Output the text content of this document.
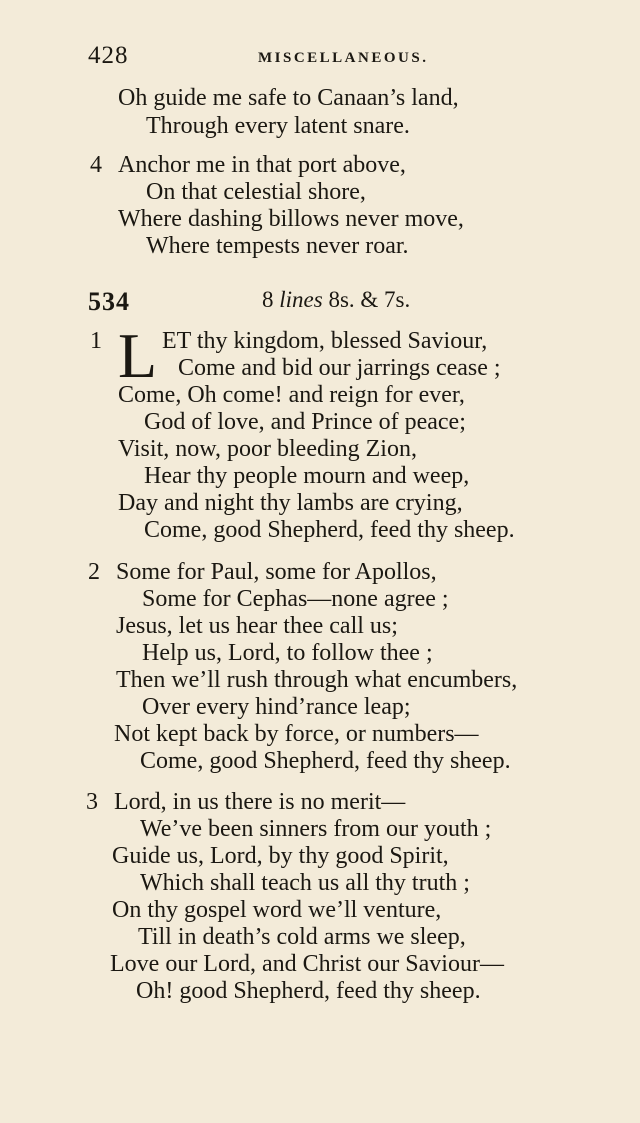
428	MISCELLANEOUS.
Oh guide me safe to Canaan’s land,
Through every latent snare.
4 Anchor me in that port above,
On that celestial shore,
Where dashing billows never move,
Where tempests never roar.
534	8 lines 8s. & 7s.
1 L ET thy kingdom, blessed Saviour,
Come and bid our jarrings cease ;
Come, Oh come! and reign for ever,
God of love, and Prince of peace;
Visit, now, poor bleeding Zion,
Hear thy people mourn and weep,
Day and night thy lambs are crying,
Come, good Shepherd, feed thy sheep.
2 Some for Paul, some for Apollos,
Some for Cephas—none agree ;
Jesus, let us hear thee call us;
Help us, Lord, to follow thee ;
Then we’ll rush through what encumbers,
Over every hind’rance leap;
Not kept back by force, or numbers—
Come, good Shepherd, feed thy sheep.
3 Lord, in us there is no merit—
We’ve been sinners from our youth ;
Guide us, Lord, by thy good Spirit,
Which shall teach us all thy truth ;
On thy gospel word we’ll venture,
Till in death’s cold arms we sleep,
Love our Lord, and Christ our Saviour—
Oh! good Shepherd, feed thy sheep.
